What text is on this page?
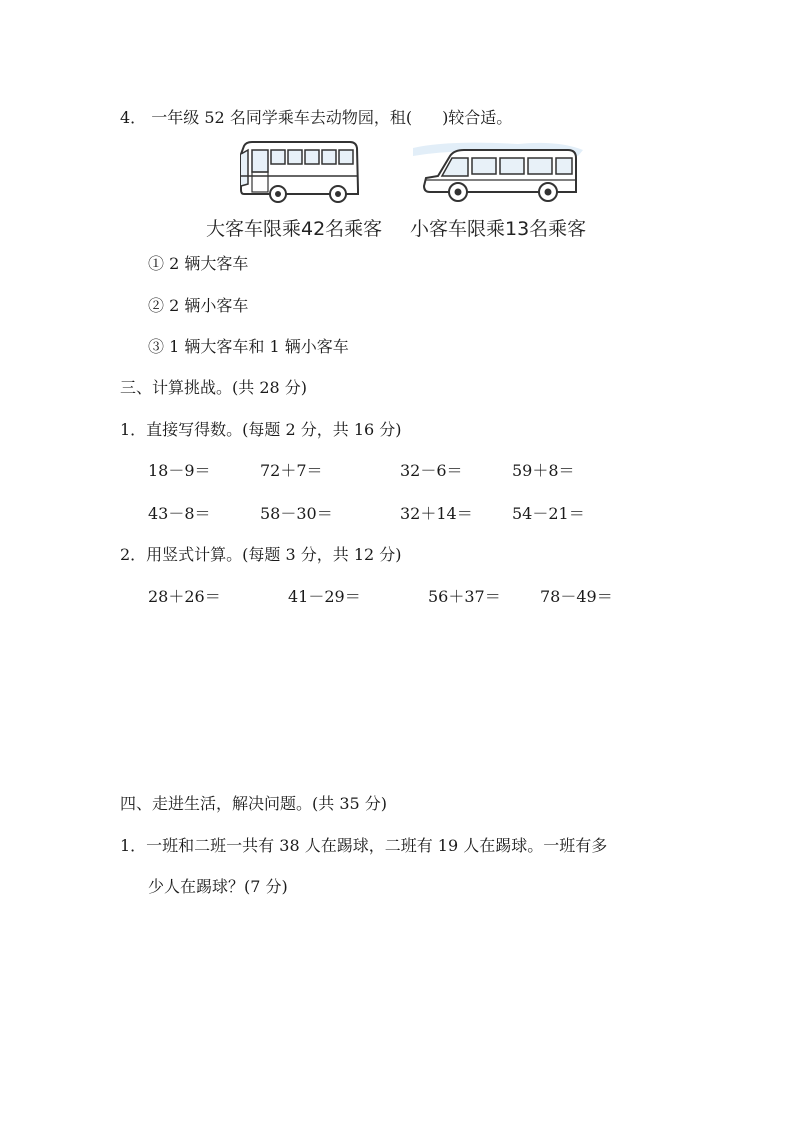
4． 一年级 52 名同学乘车去动物园，租( )较合适。
大客车限乘42名乘客 小客车限乘13名乘客
① 2 辆大客车
② 2 辆小客车
③ 1 辆大客车和 1 辆小客车
三、计算挑战。(共 28 分)
1．直接写得数。(每题 2 分，共 16 分)
18－9＝	72＋7＝	32－6＝	59＋8＝
43－8＝	58－30＝	32＋14＝ 54－21＝
2．用竖式计算。(每题 3 分，共 12 分)
28＋26＝	41－29＝	56＋37＝ 78－49＝
四、走进生活，解决问题。(共 35 分)
1．一班和二班一共有 38 人在踢球，二班有 19 人在踢球。一班有多
少人在踢球？(7 分)
